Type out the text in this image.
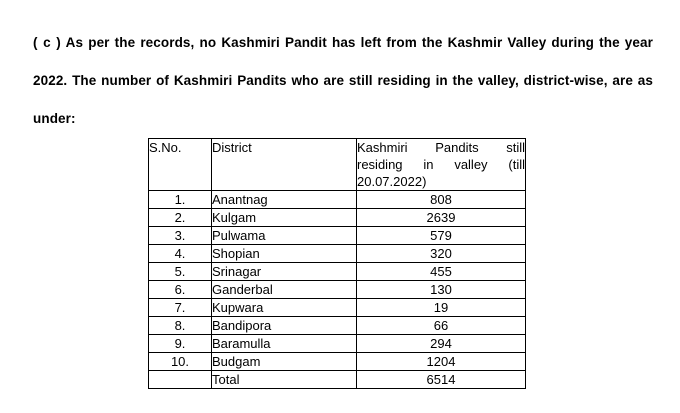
( c ) As per the records, no Kashmiri Pandit has left from the Kashmir Valley during the year 2022. The number of Kashmiri Pandits who are still residing in the valley, district-wise, are as under:

S.No.	District	Kashmiri Pandits still residing in valley (till 20.07.2022)
1.	Anantnag	808
2.	Kulgam	2639
3.	Pulwama	579
4.	Shopian	320
5.	Srinagar	455
6.	Ganderbal	130
7.	Kupwara	19
8.	Bandipora	66
9.	Baramulla	294
10.	Budgam	1204
	Total	6514
